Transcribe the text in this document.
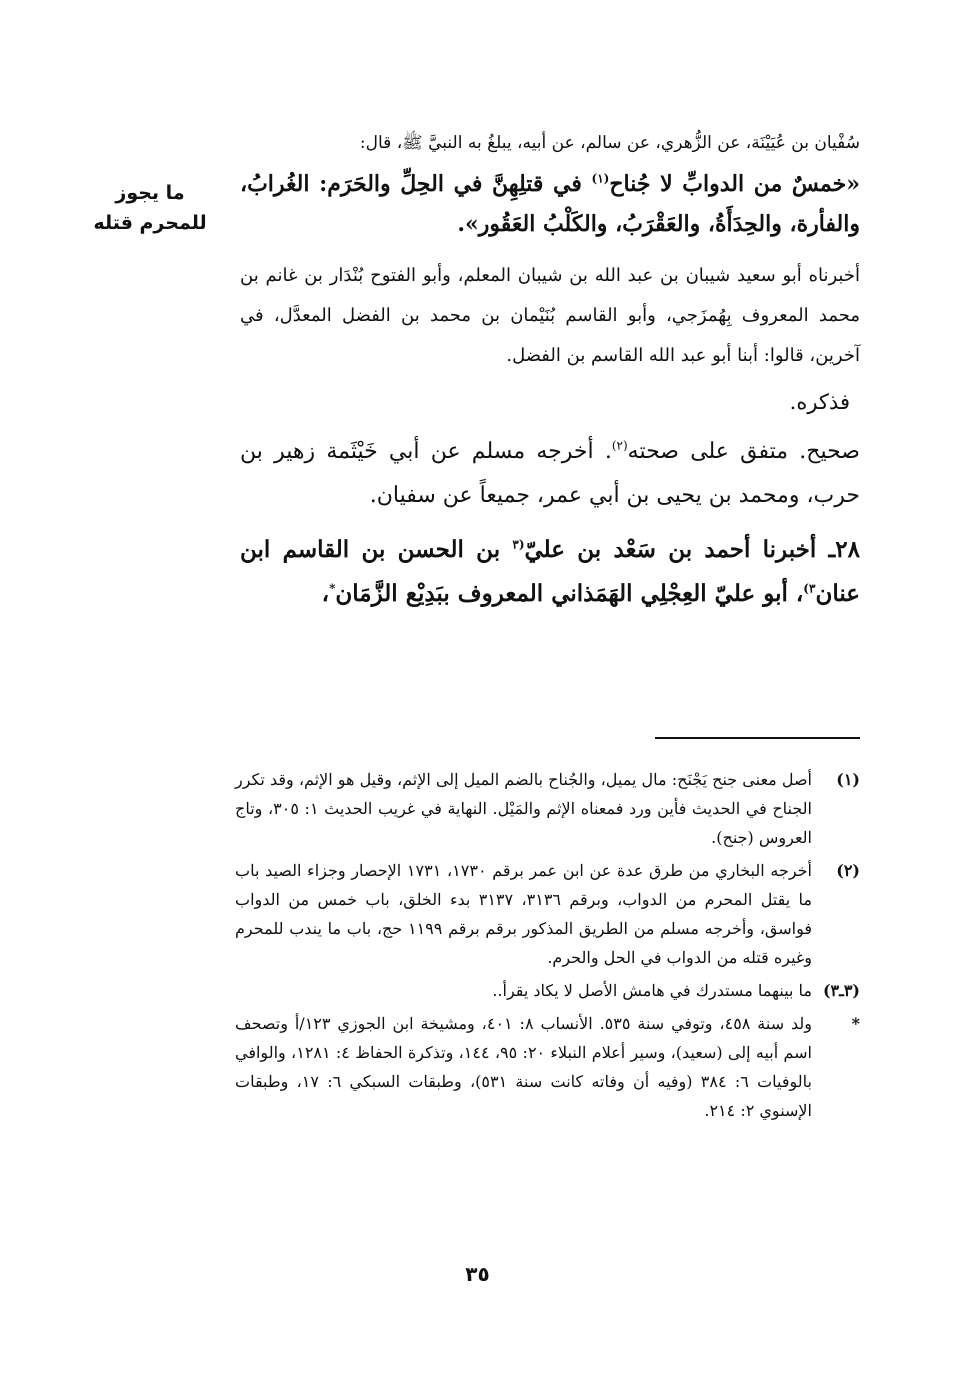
ما يجوز
للمحرم قتله

سُفْيان بن عُيَيْنَة، عن الزُّهري، عن سالم، عن أبيه، يبلغُ به النبيَّ ﷺ، قال:

«خمسٌ من الدوابِّ لا جُناح$^{(١)}$ في قتلِهِنَّ في الحِلِّ والحَرَم: الغُرابُ، والفأرة، والحِدَأَةُ، والعَقْرَبُ، والكَلْبُ العَقُور».

أخبرناه أبو سعيد شيبان بن عبد الله بن شيبان المعلم، وأبو الفتوح بُنْدَار بن غانم بن محمد المعروف بِهُمزَجي، وأبو القاسم بُنَيْمان بن محمد بن الفضل المعدَّل، في آخرين، قالوا: أبنا أبو عبد الله القاسم بن الفضل.

فذكره.

صحيح. متفق على صحته$^{(٢)}$. أخرجه مسلم عن أبي خَيْثَمة زهير بن حرب، ومحمد بن يحيى بن أبي عمر، جميعاً عن سفيان.

٢٨ـ أخبرنا أحمد بن سَعْد بن عليّ$^{(٣}$ بن الحسن بن القاسم ابن عنان$^{٣)}$، أبو عليّ العِجْلِي الهَمَذاني المعروف ببَدِيْع الزَّمَان*،

(١)
أصل معنى جنح يَجْنَح: مال يميل، والجُناح بالضم الميل إلى الإثم، وقيل هو الإثم، وقد تكرر الجناح في الحديث فأين ورد فمعناه الإثم والمَيْل. النهاية في غريب الحديث ١: ٣٠٥، وتاج العروس (جنح).
(٢)
أخرجه البخاري من طرق عدة عن ابن عمر برقم ١٧٣٠، ١٧٣١ الإحصار وجزاء الصيد باب ما يقتل المحرم من الدواب، وبرقم ٣١٣٦، ٣١٣٧ بدء الخلق، باب خمس من الدواب فواسق، وأخرجه مسلم من الطريق المذكور برقم برقم ١١٩٩ حج، باب ما يندب للمحرم وغيره قتله من الدواب في الحل والحرم.
(٣ـ٣)
ما بينهما مستدرك في هامش الأصل لا يكاد يقرأ..
*
ولد سنة ٤٥٨، وتوفي سنة ٥٣٥. الأنساب ٨: ٤٠١، ومشيخة ابن الجوزي ١٢٣/أ وتصحف اسم أبيه إلى (سعيد)، وسير أعلام النبلاء ٢٠: ٩٥، ١٤٤، وتذكرة الحفاظ ٤: ١٢٨١، والوافي بالوفيات ٦: ٣٨٤ (وفيه أن وفاته كانت سنة ٥٣١)، وطبقات السبكي ٦: ١٧، وطبقات الإسنوي ٢: ٢١٤.
٣٥
